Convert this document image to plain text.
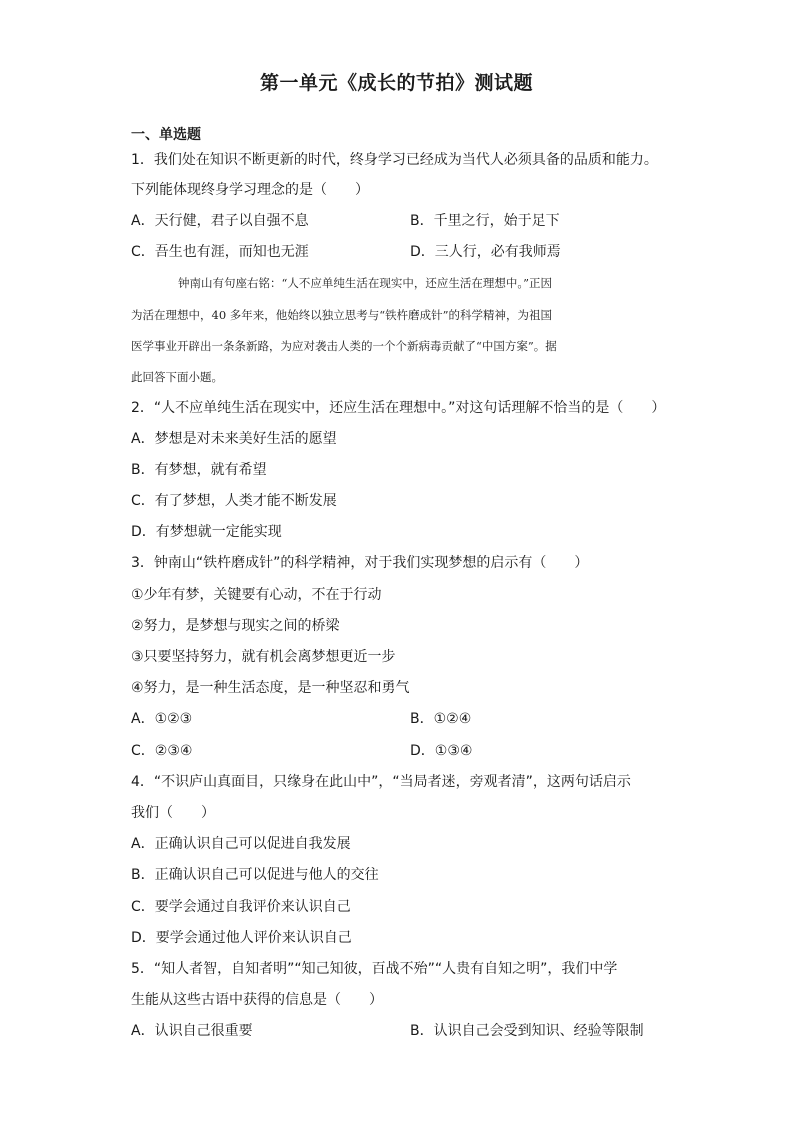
第一单元《成长的节拍》测试题
一、单选题
1．我们处在知识不断更新的时代，终身学习已经成为当代人必须具备的品质和能力。
下列能体现终身学习理念的是（　　）
A．天行健，君子以自强不息	B．千里之行，始于足下
C．吾生也有涯，而知也无涯	D．三人行，必有我师焉
钟南山有句座右铭：“人不应单纯生活在现实中，还应生活在理想中。”正因
为活在理想中，40 多年来，他始终以独立思考与“铁杵磨成针”的科学精神，为祖国
医学事业开辟出一条条新路，为应对袭击人类的一个个新病毒贡献了“中国方案”。据
此回答下面小题。
2．“人不应单纯生活在现实中，还应生活在理想中。”对这句话理解不恰当的是（　　）
A．梦想是对未来美好生活的愿望
B．有梦想，就有希望
C．有了梦想，人类才能不断发展
D．有梦想就一定能实现
3．钟南山“铁杵磨成针”的科学精神，对于我们实现梦想的启示有（　　）
①少年有梦，关键要有心动，不在于行动
②努力，是梦想与现实之间的桥梁
③只要坚持努力，就有机会离梦想更近一步
④努力，是一种生活态度，是一种坚忍和勇气
A．①②③	B．①②④
C．②③④	D．①③④
4．“不识庐山真面目，只缘身在此山中”，“当局者迷，旁观者清”，这两句话启示
我们（　　）
A．正确认识自己可以促进自我发展
B．正确认识自己可以促进与他人的交往
C．要学会通过自我评价来认识自己
D．要学会通过他人评价来认识自己
5．“知人者智，自知者明”“知己知彼，百战不殆”“人贵有自知之明”，我们中学
生能从这些古语中获得的信息是（　　）
A．认识自己很重要	B．认识自己会受到知识、经验等限制
